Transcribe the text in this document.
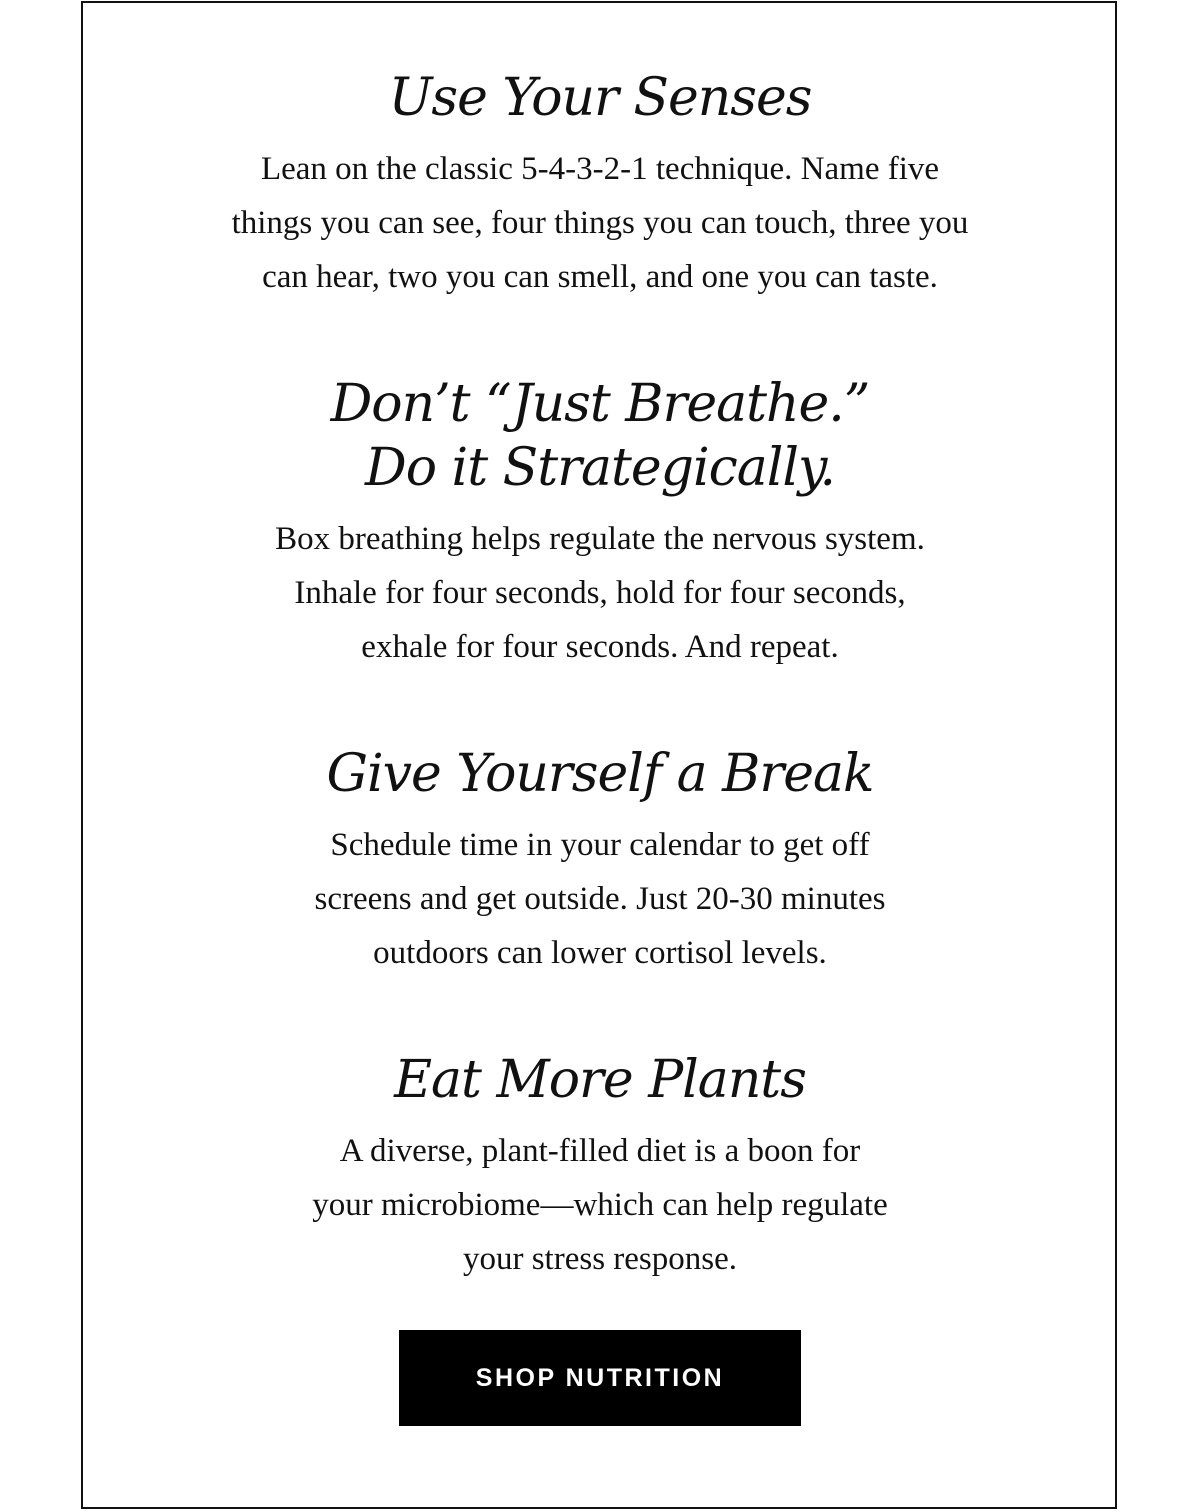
Use Your Senses

Lean on the classic 5-4-3-2-1 technique. Name five
things you can see, four things you can touch, three you
can hear, two you can smell, and one you can taste.

Don’t “Just Breathe.”
Do it Strategically.

Box breathing helps regulate the nervous system.
Inhale for four seconds, hold for four seconds,
exhale for four seconds. And repeat.

Give Yourself a Break

Schedule time in your calendar to get off
screens and get outside. Just 20-30 minutes
outdoors can lower cortisol levels.

Eat More Plants

A diverse, plant-filled diet is a boon for
your microbiome—which can help regulate
your stress response.

SHOP NUTRITION
